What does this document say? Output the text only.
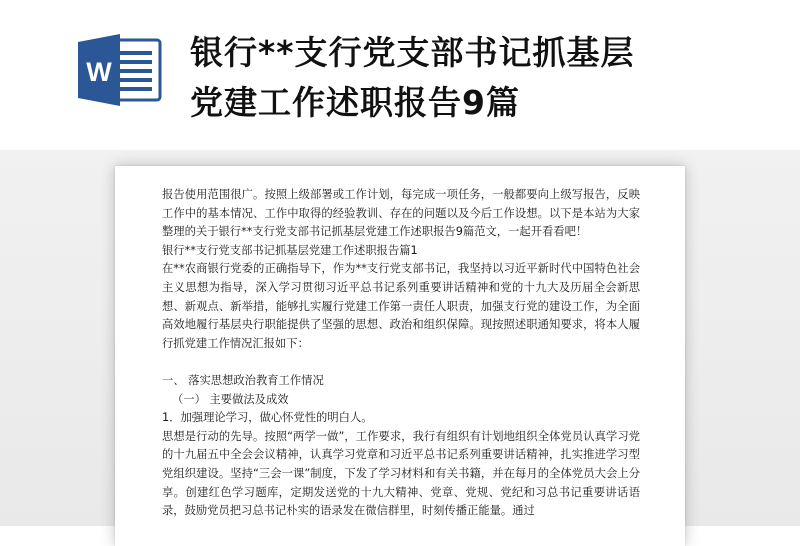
W 银行**支行党支部书记抓基层
党建工作述职报告9篇

报告使用范围很广。按照上级部署或工作计划，每完成一项任务，一般都要向上级写报告，反映工作中的基本情况、工作中取得的经验教训、存在的问题以及今后工作设想。以下是本站为大家整理的关于银行**支行党支部书记抓基层党建工作述职报告9篇范文，一起开看看吧！

银行**支行党支部书记抓基层党建工作述职报告篇1

在**农商银行党委的正确指导下，作为**支行党支部书记，我坚持以习近平新时代中国特色社会主义思想为指导，深入学习贯彻习近平总书记系列重要讲话精神和党的十九大及历届全会新思想、新观点、新举措，能够扎实履行党建工作第一责任人职责，加强支行党的建设工作，为全面高效地履行基层央行职能提供了坚强的思想、政治和组织保障。现按照述职通知要求，将本人履行抓党建工作情况汇报如下：

一、 落实思想政治教育工作情况

（一） 主要做法及成效

1．加强理论学习，做心怀党性的明白人。

思想是行动的先导。按照“两学一做”，工作要求，我行有组织有计划地组织全体党员认真学习党的十九届五中全会会议精神，认真学习党章和习近平总书记系列重要讲话精神，扎实推进学习型党组织建设。坚持“三会一课”制度，下发了学习材料和有关书籍，并在每月的全体党员大会上分享。创建红色学习题库，定期发送党的十九大精神、党章、党规、党纪和习总书记重要讲话语录，鼓励党员把习总书记朴实的语录发在微信群里，时刻传播正能量。通过
